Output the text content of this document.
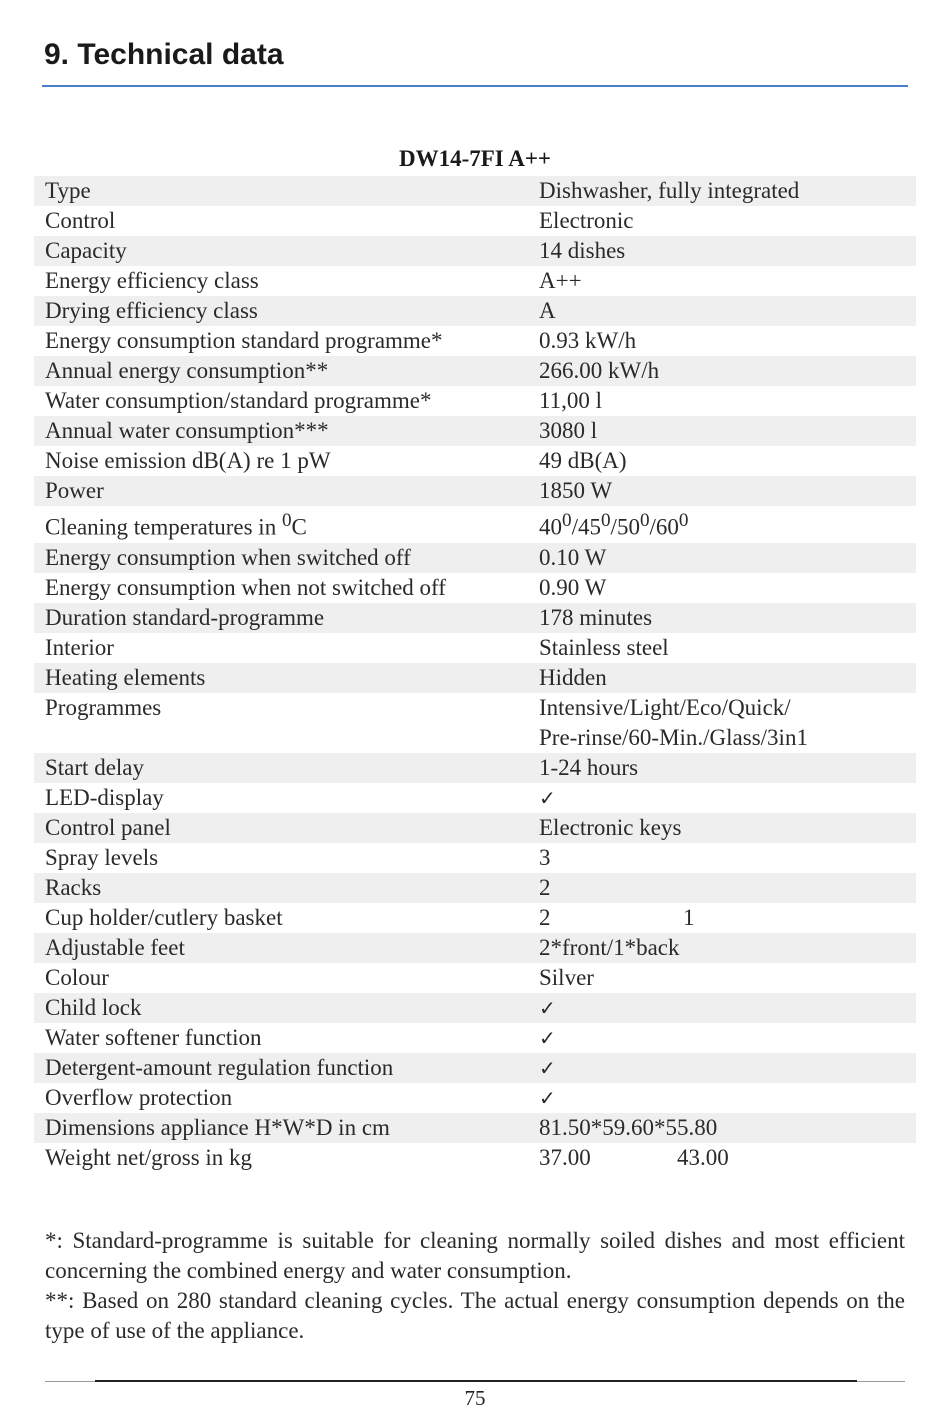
9. Technical data
DW14-7FI A++
Type	Dishwasher, fully integrated
Control	Electronic
Capacity	14 dishes
Energy efficiency class	A++
Drying efficiency class	A
Energy consumption standard programme*	0.93 kW/h
Annual energy consumption**	266.00 kW/h
Water consumption/standard programme*	11,00 l
Annual water consumption***	3080 l
Noise emission dB(A) re 1 pW	49 dB(A)
Power	1850 W
Cleaning temperatures in $^0$C	$40^0/45^0/50^0/60^0$
Energy consumption when switched off	0.10 W
Energy consumption when not switched off	0.90 W
Duration standard-programme	178 minutes
Interior	Stainless steel
Heating elements	Hidden
Programmes	Intensive/Light/Eco/Quick/
Pre-rinse/60-Min./Glass/3in1
Start delay	1-24 hours
LED-display	✓
Control panel	Electronic keys
Spray levels	3
Racks	2
Cup holder/cutlery basket	2	1
Adjustable feet	2*front/1*back
Colour	Silver
Child lock	✓
Water softener function	✓
Detergent-amount regulation function	✓
Overflow protection	✓
Dimensions appliance H*W*D in cm	81.50*59.60*55.80
Weight net/gross in kg	37.00	43.00

*: Standard-programme is suitable for cleaning normally soiled dishes and most efficient concerning the combined energy and water consumption.

**: Based on 280 standard cleaning cycles. The actual energy consumption depends on the type of use of the appliance.

75
